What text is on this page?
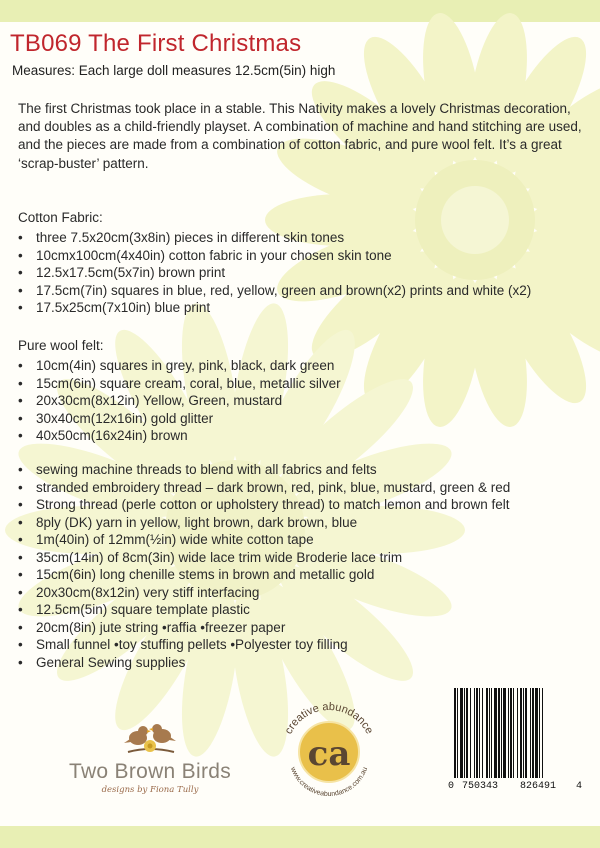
TB069 The First Christmas

Measures: Each large doll measures 12.5cm(5in) high

The first Christmas took place in a stable. This Nativity makes a lovely Christmas decoration, and doubles as a child-friendly playset. A combination of machine and hand stitching are used, and the pieces are made from a combination of cotton fabric, and pure wool felt. It’s a great ‘scrap-buster’ pattern.

Cotton Fabric:

• three 7.5x20cm(3x8in) pieces in different skin tones
• 10cmx100cm(4x40in) cotton fabric in your chosen skin tone
• 12.5x17.5cm(5x7in) brown print
• 17.5cm(7in) squares in blue, red, yellow, green and brown(x2) prints and white (x2)
• 17.5x25cm(7x10in) blue print

Pure wool felt:

• 10cm(4in) squares in grey, pink, black, dark green
• 15cm(6in) square cream, coral, blue, metallic silver
• 20x30cm(8x12in) Yellow, Green, mustard
• 30x40cm(12x16in) gold glitter
• 40x50cm(16x24in) brown
• sewing machine threads to blend with all fabrics and felts
• stranded embroidery thread – dark brown, red, pink, blue, mustard, green & red
• Strong thread (perle cotton or upholstery thread) to match lemon and brown felt
• 8ply (DK) yarn in yellow, light brown, dark brown, blue
• 1m(40in) of 12mm(½in) wide white cotton tape
• 35cm(14in) of 8cm(3in) wide lace trim wide Broderie lace trim
• 15cm(6in) long chenille stems in brown and metallic gold
• 20x30cm(8x12in) very stiff interfacing
• 12.5cm(5in) square template plastic
• 20cm(8in) jute string •raffia •freezer paper
• Small funnel •toy stuffing pellets •Polyester toy filling
• General Sewing supplies
Two Brown Birds
designs by Fiona Tully
ca
creative abundance
www.creativeabundance.com.au
0 750343 826491 4
